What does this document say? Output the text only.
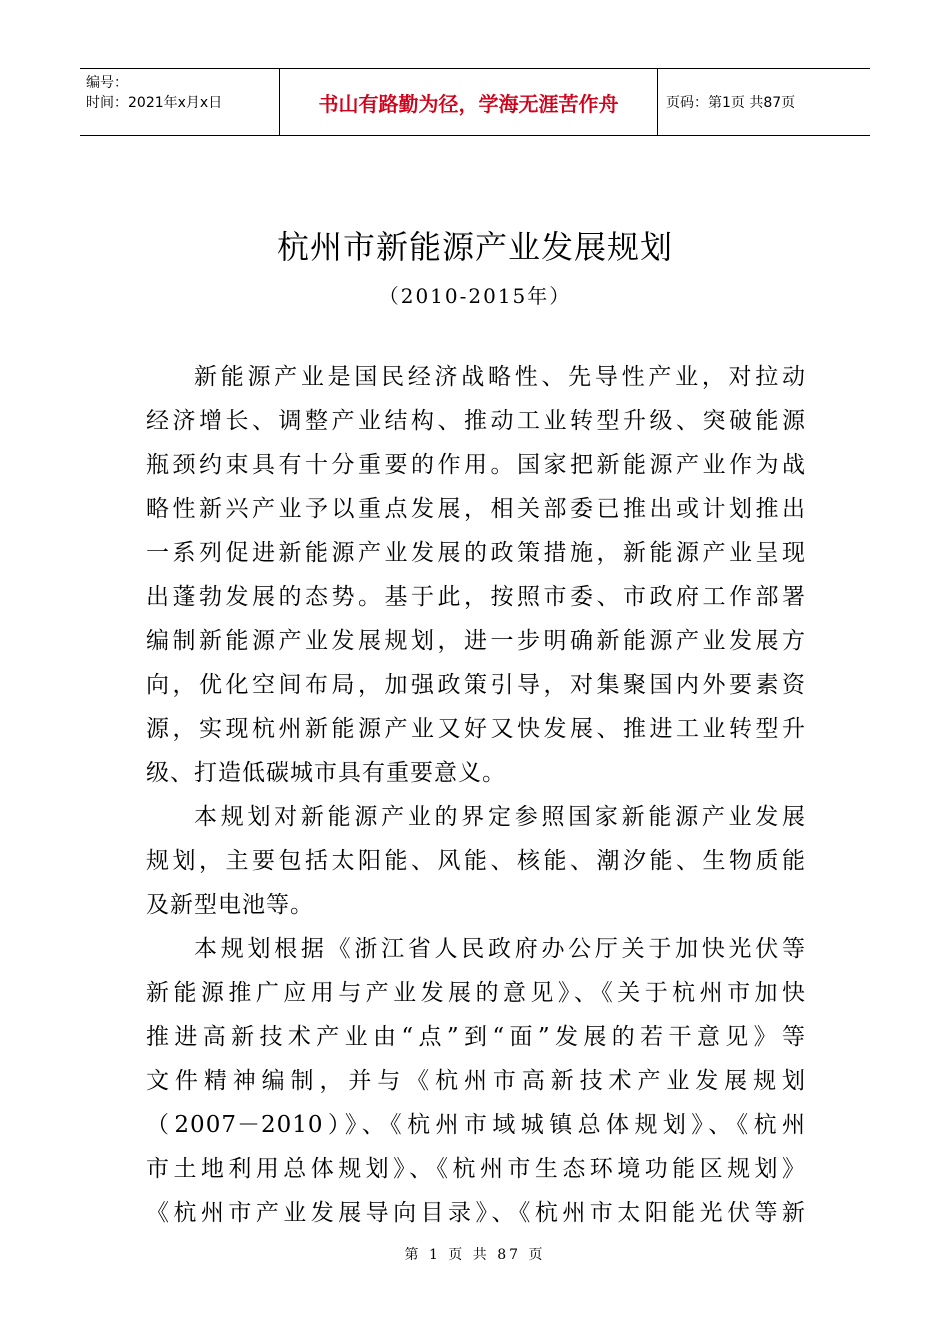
编号：
时间：2021年x月x日	书山有路勤为径，学海无涯苦作舟	页码：第1页 共87页
杭州市新能源产业发展规划
（2010-2015年）
新能源产业是国民经济战略性、先导性产业，对拉动
经济增长、调整产业结构、推动工业转型升级、突破能源
瓶颈约束具有十分重要的作用。国家把新能源产业作为战
略性新兴产业予以重点发展，相关部委已推出或计划推出
一系列促进新能源产业发展的政策措施，新能源产业呈现
出蓬勃发展的态势。基于此，按照市委、市政府工作部署
编制新能源产业发展规划，进一步明确新能源产业发展方
向，优化空间布局，加强政策引导，对集聚国内外要素资
源，实现杭州新能源产业又好又快发展、推进工业转型升
级、打造低碳城市具有重要意义。
本规划对新能源产业的界定参照国家新能源产业发展
规划，主要包括太阳能、风能、核能、潮汐能、生物质能
及新型电池等。
本规划根据《浙江省人民政府办公厅关于加快光伏等
新能源推广应用与产业发展的意见》、《关于杭州市加快
推进高新技术产业由“点”到“面”发展的若干意见》等
文件精神编制，并与《杭州市高新技术产业发展规划
（2007－2010）》、《杭州市域城镇总体规划》、《杭州
市土地利用总体规划》、《杭州市生态环境功能区规划》
《杭州市产业发展导向目录》、《杭州市太阳能光伏等新
第 1 页 共 87 页
